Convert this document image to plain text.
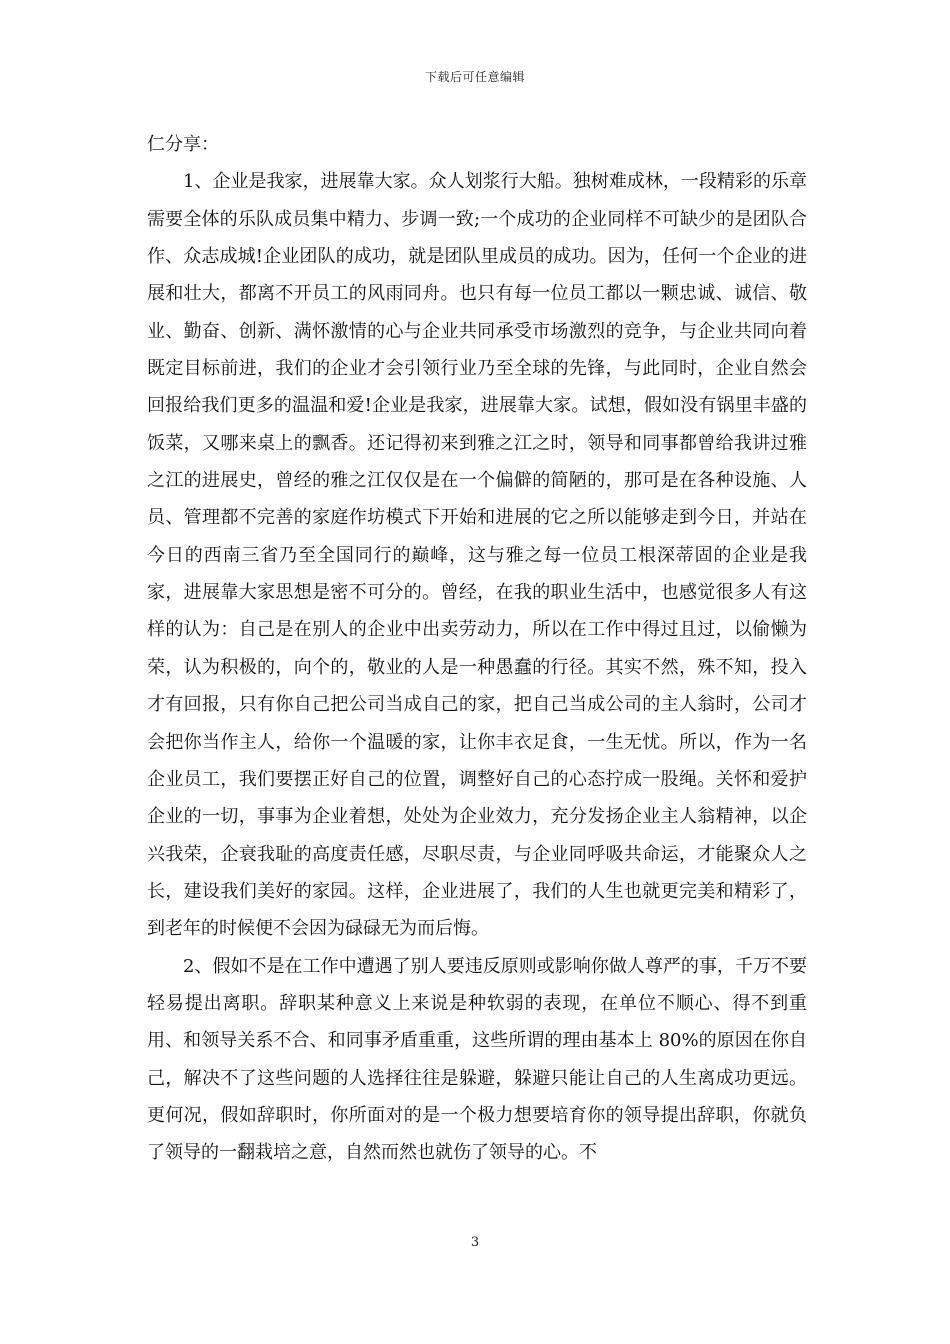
下载后可任意编辑

仁分享：

1、企业是我家，进展靠大家。众人划浆行大船。独树难成林，一段精彩的乐章需要全体的乐队成员集中精力、步调一致;一个成功的企业同样不可缺少的是团队合作、众志成城!企业团队的成功，就是团队里成员的成功。因为，任何一个企业的进展和壮大，都离不开员工的风雨同舟。也只有每一位员工都以一颗忠诚、诚信、敬业、勤奋、创新、满怀激情的心与企业共同承受市场激烈的竞争，与企业共同向着既定目标前进，我们的企业才会引领行业乃至全球的先锋，与此同时，企业自然会回报给我们更多的温温和爱!企业是我家，进展靠大家。试想，假如没有锅里丰盛的饭菜，又哪来桌上的飘香。还记得初来到雅之江之时，领导和同事都曾给我讲过雅之江的进展史，曾经的雅之江仅仅是在一个偏僻的简陋的，那可是在各种设施、人员、管理都不完善的家庭作坊模式下开始和进展的它之所以能够走到今日，并站在今日的西南三省乃至全国同行的巅峰，这与雅之每一位员工根深蒂固的企业是我家，进展靠大家思想是密不可分的。曾经，在我的职业生活中，也感觉很多人有这样的认为：自己是在别人的企业中出卖劳动力，所以在工作中得过且过，以偷懒为荣，认为积极的，向个的，敬业的人是一种愚蠢的行径。其实不然，殊不知，投入才有回报，只有你自己把公司当成自己的家，把自己当成公司的主人翁时，公司才会把你当作主人，给你一个温暖的家，让你丰衣足食，一生无忧。所以，作为一名企业员工，我们要摆正好自己的位置，调整好自己的心态拧成一股绳。关怀和爱护企业的一切，事事为企业着想，处处为企业效力，充分发扬企业主人翁精神，以企兴我荣，企衰我耻的高度责任感，尽职尽责，与企业同呼吸共命运，才能聚众人之长，建设我们美好的家园。这样，企业进展了，我们的人生也就更完美和精彩了，到老年的时候便不会因为碌碌无为而后悔。

2、假如不是在工作中遭遇了别人要违反原则或影响你做人尊严的事，千万不要轻易提出离职。辞职某种意义上来说是种软弱的表现，在单位不顺心、得不到重用、和领导关系不合、和同事矛盾重重，这些所谓的理由基本上 80%的原因在你自己，解决不了这些问题的人选择往往是躲避，躲避只能让自己的人生离成功更远。更何况，假如辞职时，你所面对的是一个极力想要培育你的领导提出辞职，你就负了领导的一翻栽培之意，自然而然也就伤了领导的心。不

3
